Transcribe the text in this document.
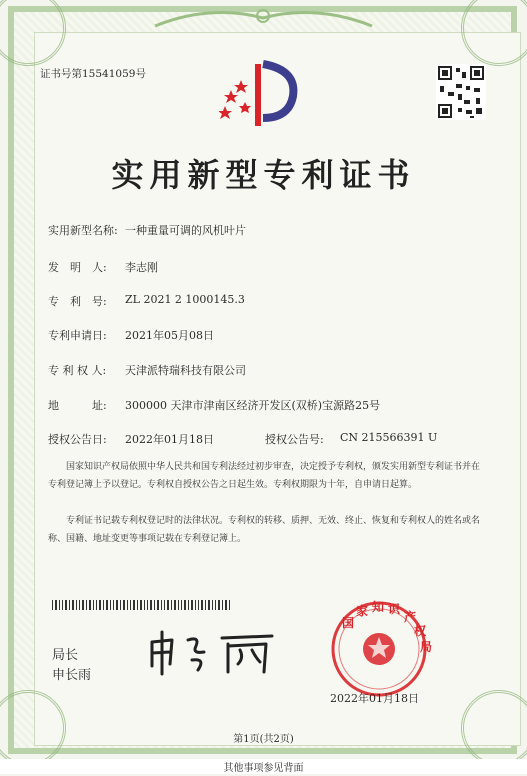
证书号第15541059号
实用新型专利证书
实用新型名称: 一种重量可调的风机叶片
发　明　人: 李志刚
专　利　号: ZL 2021 2 1000145.3
专利申请日: 2021年05月08日
专 利 权 人: 天津派特瑞科技有限公司
地　　　址: 300000 天津市津南区经济开发区(双桥)宝源路25号
授权公告日: 2022年01月18日	授权公告号: CN 215566391 U
国家知识产权局依照中华人民共和国专利法经过初步审查，决定授予专利权，颁发实用新型专利证书并在专利登记簿上予以登记。专利权自授权公告之日起生效。专利权期限为十年，自申请日起算。
专利证书记载专利权登记时的法律状况。专利权的转移、质押、无效、终止、恢复和专利权人的姓名或名称、国籍、地址变更等事项记载在专利登记簿上。
局长
申长雨
国
家 知 识
产
权
局
2022年01月18日
第1页(共2页)
其他事项参见背面
